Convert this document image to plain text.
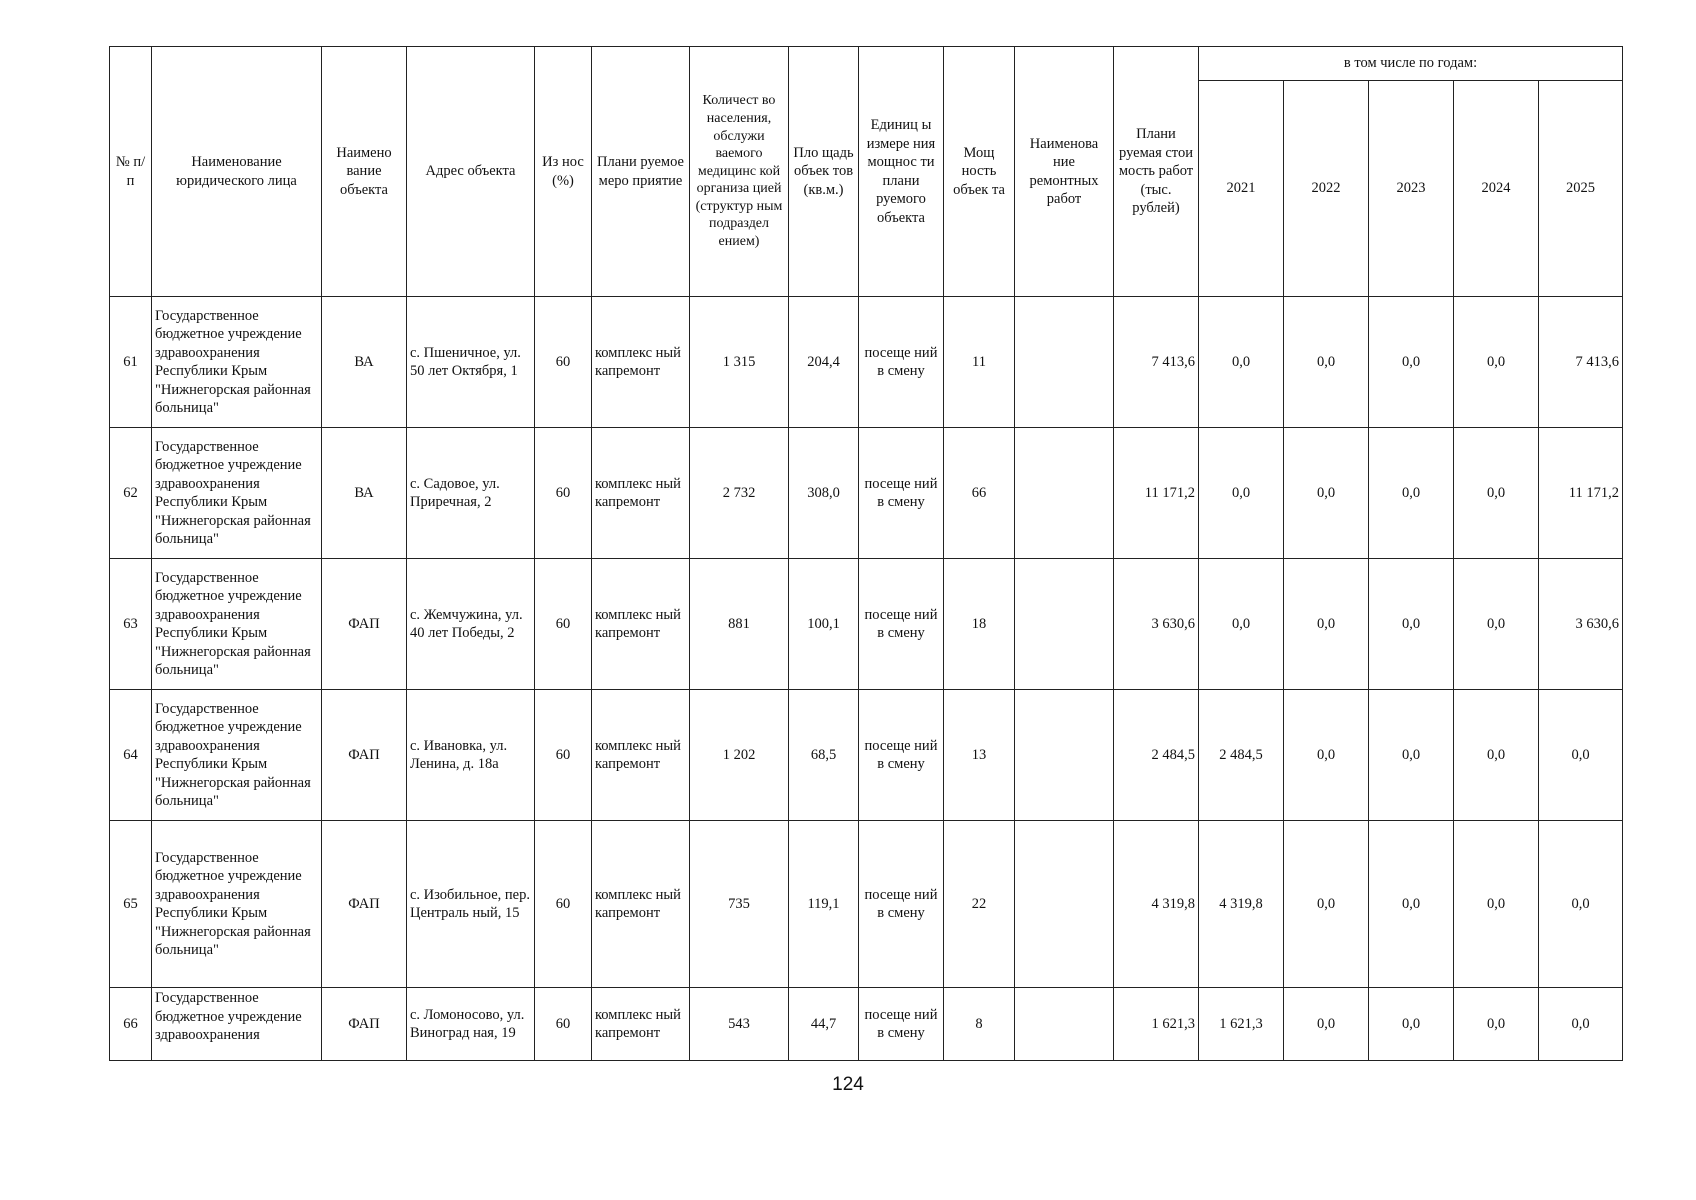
№ п/п	Наименование юридического лица	Наимено вание объекта	Адрес объекта	Из нос (%)	Плани руемое меро приятие	Количест во населения, обслужи ваемого медицинс кой организа цией (структур ным подраздел ением)	Пло щадь объек тов (кв.м.)	Единиц ы измере ния мощнос ти плани руемого объекта	Мощ ность объек та	Наименова ние ремонтных работ	Плани руемая стои мость работ (тыс. рублей)	в том числе по годам:				
												2021	2022	2023	2024	2025
61	Государственное бюджетное учреждение здравоохранения Республики Крым "Нижнегорская районная больница"	ВА	с. Пшеничное, ул. 50 лет Октября, 1	60	комплекс ный капремонт	1 315	204,4	посеще ний в смену	11		7 413,6	0,0	0,0	0,0	0,0	7 413,6
62	Государственное бюджетное учреждение здравоохранения Республики Крым "Нижнегорская районная больница"	ВА	с. Садовое, ул. Приречная, 2	60	комплекс ный капремонт	2 732	308,0	посеще ний в смену	66		11 171,2	0,0	0,0	0,0	0,0	11 171,2
63	Государственное бюджетное учреждение здравоохранения Республики Крым "Нижнегорская районная больница"	ФАП	с. Жемчужина, ул. 40 лет Победы, 2	60	комплекс ный капремонт	881	100,1	посеще ний в смену	18		3 630,6	0,0	0,0	0,0	0,0	3 630,6
64	Государственное бюджетное учреждение здравоохранения Республики Крым "Нижнегорская районная больница"	ФАП	с. Ивановка, ул. Ленина, д. 18а	60	комплекс ный капремонт	1 202	68,5	посеще ний в смену	13		2 484,5	2 484,5	0,0	0,0	0,0	0,0
65	Государственное бюджетное учреждение здравоохранения Республики Крым "Нижнегорская районная больница"	ФАП	с. Изобильное, пер. Централь ный, 15	60	комплекс ный капремонт	735	119,1	посеще ний в смену	22		4 319,8	4 319,8	0,0	0,0	0,0	0,0
66	Государственное бюджетное учреждение здравоохранения	ФАП	с. Ломоносово, ул. Виноград ная, 19	60	комплекс ный капремонт	543	44,7	посеще ний в смену	8		1 621,3	1 621,3	0,0	0,0	0,0	0,0
124
